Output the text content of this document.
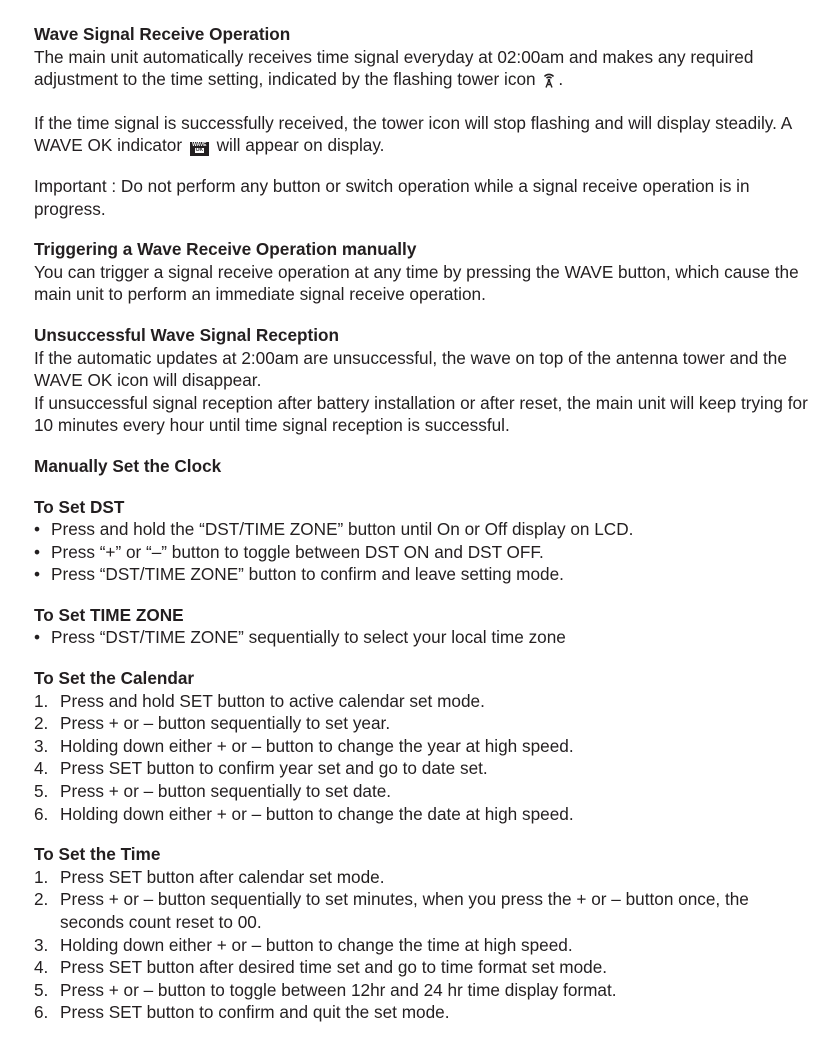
Wave Signal Receive Operation
The main unit automatically receives time signal everyday at 02:00am and makes any required adjustment to the time setting, indicated by the flashing tower icon .
If the time signal is successfully received, the tower icon will stop flashing and will display steadily. A WAVE OK indicator	WAVE
OK will appear on display.
Important : Do not perform any button or switch operation while a signal receive operation is in progress.
Triggering a Wave Receive Operation manually
You can trigger a signal receive operation at any time by pressing the WAVE button, which cause the main unit to perform an immediate signal receive operation.
Unsuccessful Wave Signal Reception
If the automatic updates at 2:00am are unsuccessful, the wave on top of the antenna tower and the WAVE OK icon will disappear.
If unsuccessful signal reception after battery installation or after reset, the main unit will keep trying for 10 minutes every hour until time signal reception is successful.
Manually Set the Clock
To Set DST
• Press and hold the “DST/TIME ZONE” button until On or Off display on LCD.
• Press “+” or “–” button to toggle between DST ON and DST OFF.
• Press “DST/TIME ZONE” button to confirm and leave setting mode.
To Set TIME ZONE
• Press “DST/TIME ZONE” sequentially to select your local time zone
To Set the Calendar
1. Press and hold SET button to active calendar set mode.
2. Press + or – button sequentially to set year.
3. Holding down either + or – button to change the year at high speed.
4. Press SET button to confirm year set and go to date set.
5. Press + or – button sequentially to set date.
6. Holding down either + or – button to change the date at high speed.
To Set the Time
1. Press SET button after calendar set mode.
2. Press + or – button sequentially to set minutes, when you press the + or – button once, the seconds count reset to 00.
3. Holding down either + or – button to change the time at high speed.
4. Press SET button after desired time set and go to time format set mode.
5. Press + or – button to toggle between 12hr and 24 hr time display format.
6. Press SET button to confirm and quit the set mode.
